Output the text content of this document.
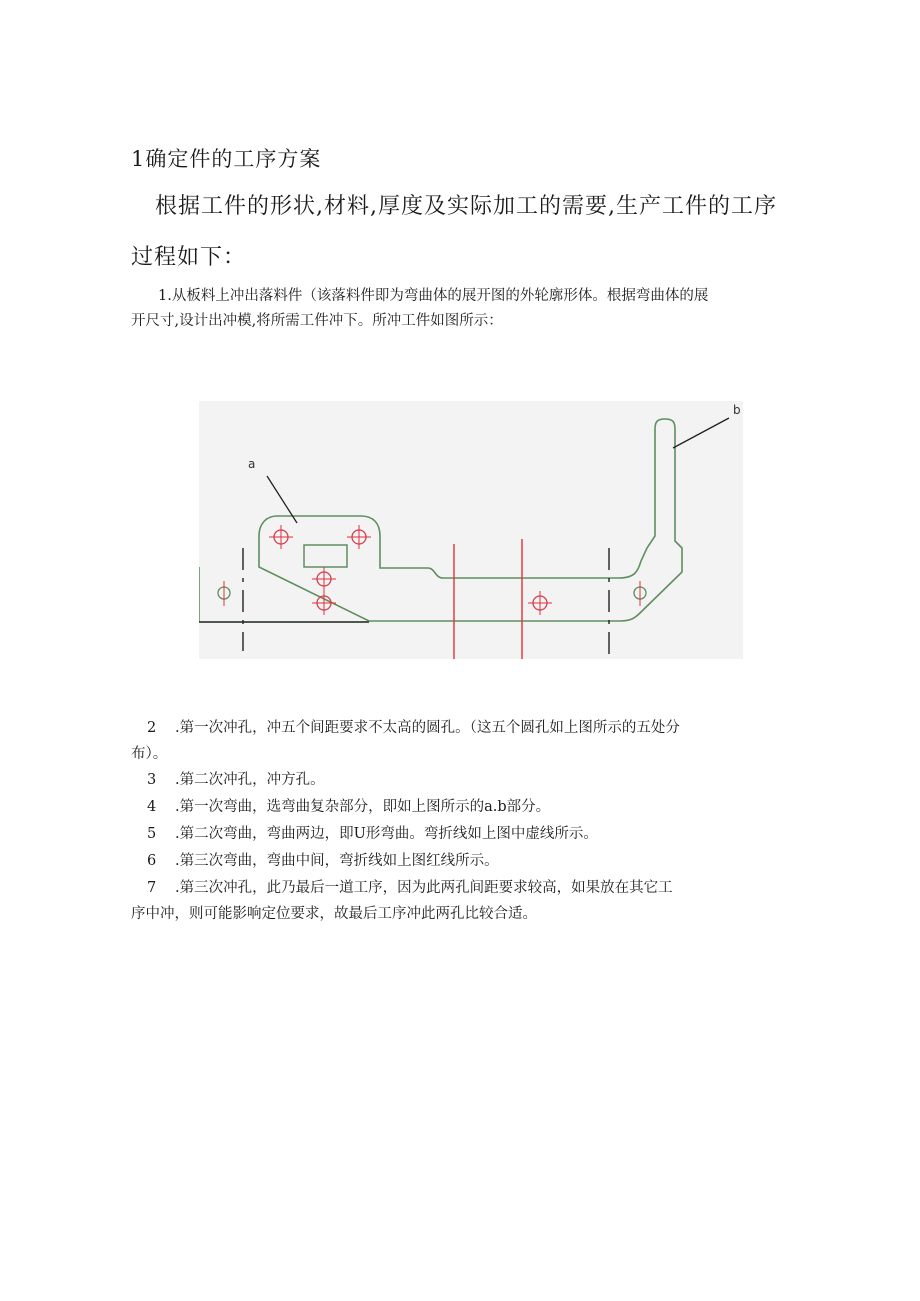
1确定件的工序方案
根据工件的形状,材料,厚度及实际加工的需要,生产工件的工序
过程如下：
1.从板料上冲出落料件（该落料件即为弯曲体的展开图的外轮廓形体。根据弯曲体的展
开尺寸,设计出冲模,将所需工件冲下。所冲工件如图所示：
a
b
2	.第一次冲孔，冲五个间距要求不太高的圆孔。（这五个圆孔如上图所示的五处分
布）。
3	.第二次冲孔，冲方孔。
4	.第一次弯曲，选弯曲复杂部分，即如上图所示的a.b部分。
5	.第二次弯曲，弯曲两边，即U形弯曲。弯折线如上图中虚线所示。
6	.第三次弯曲，弯曲中间，弯折线如上图红线所示。
7	.第三次冲孔，此乃最后一道工序，因为此两孔间距要求较高，如果放在其它工
序中冲，则可能影响定位要求，故最后工序冲此两孔比较合适。
